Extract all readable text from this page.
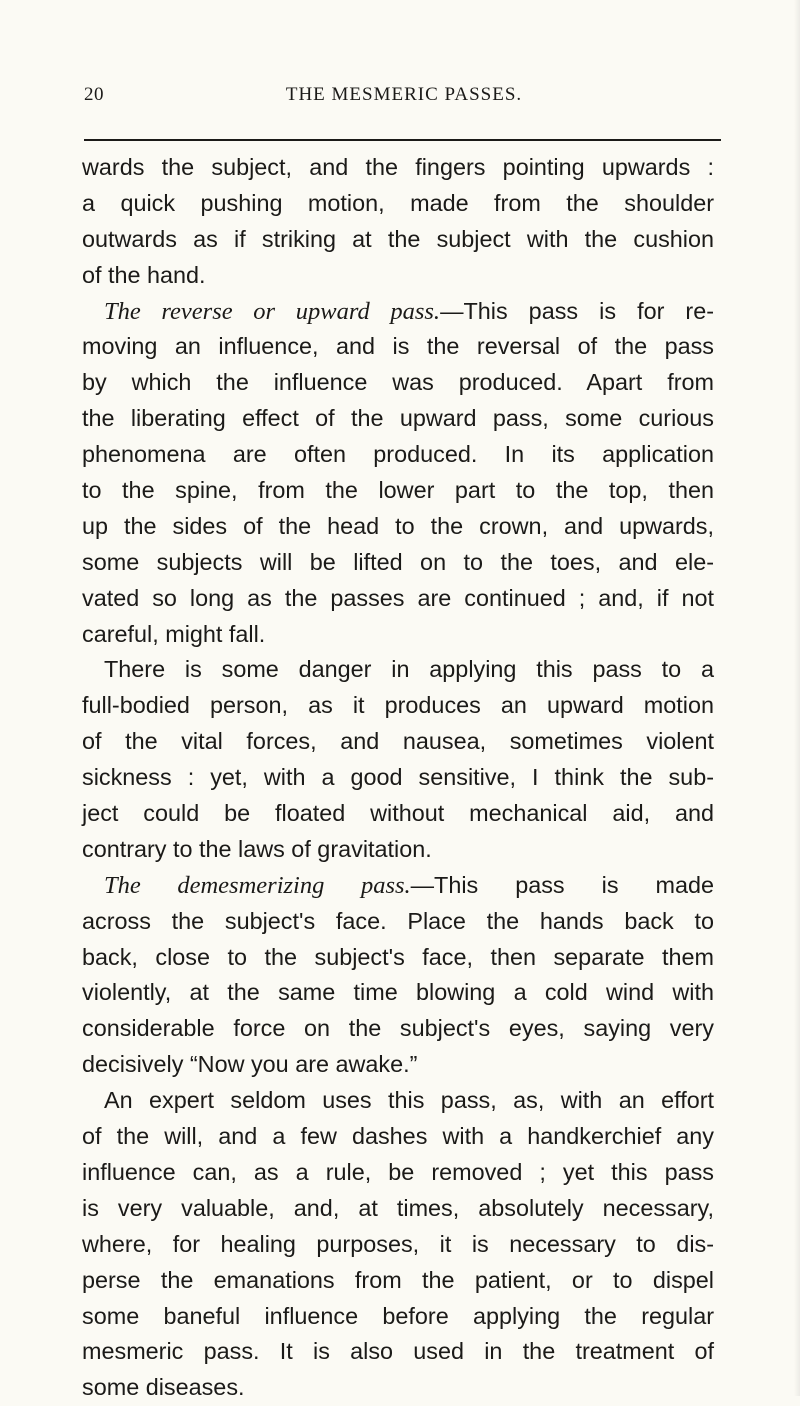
20	THE MESMERIC PASSES.
wards the subject, and the fingers pointing upwards :
a quick pushing motion, made from the shoulder
outwards as if striking at the subject with the cushion
of the hand.
The reverse or upward pass.—This pass is for re-
moving an influence, and is the reversal of the pass
by which the influence was produced. Apart from
the liberating effect of the upward pass, some curious
phenomena are often produced. In its application
to the spine, from the lower part to the top, then
up the sides of the head to the crown, and upwards,
some subjects will be lifted on to the toes, and ele-
vated so long as the passes are continued ; and, if not
careful, might fall.
There is some danger in applying this pass to a
full-bodied person, as it produces an upward motion
of the vital forces, and nausea, sometimes violent
sickness : yet, with a good sensitive, I think the sub-
ject could be floated without mechanical aid, and
contrary to the laws of gravitation.
The demesmerizing pass.—This pass is made
across the subject's face. Place the hands back to
back, close to the subject's face, then separate them
violently, at the same time blowing a cold wind with
considerable force on the subject's eyes, saying very
decisively “Now you are awake.”
An expert seldom uses this pass, as, with an effort
of the will, and a few dashes with a handkerchief any
influence can, as a rule, be removed ; yet this pass
is very valuable, and, at times, absolutely necessary,
where, for healing purposes, it is necessary to dis-
perse the emanations from the patient, or to dispel
some baneful influence before applying the regular
mesmeric pass. It is also used in the treatment of
some diseases.
